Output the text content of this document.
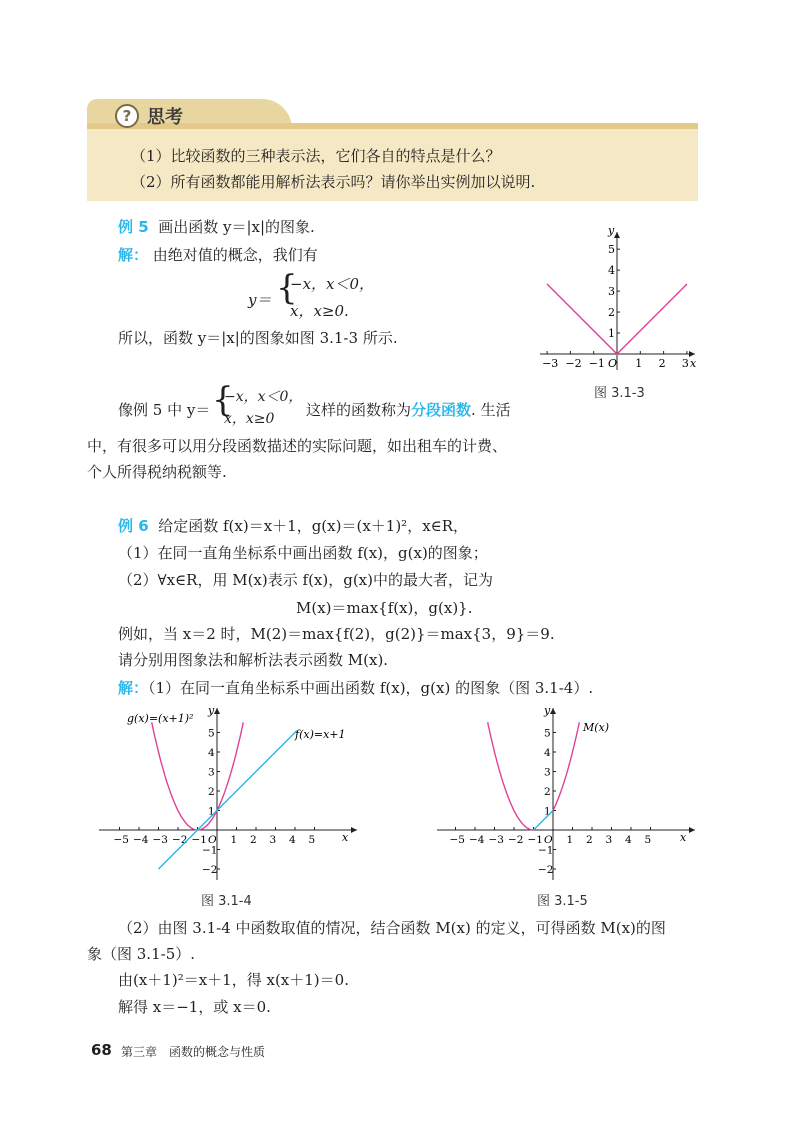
? 思考
（1）比较函数的三种表示法，它们各自的特点是什么？
（2）所有函数都能用解析法表示吗？请你举出实例加以说明.
例 5 画出函数 y＝|x|的图象.
解： 由绝对值的概念，我们有
y＝ {
−x，x＜0，
x，x≥0.
所以，函数 y＝|x|的图象如图 3.1-3 所示.
−3 −2 −1 O 1 2 3
1
2
3
4
5
x
y
图 3.1-3
像例 5 中 y＝ {
−x，x＜0，
x，x≥0 这样的函数称为分段函数. 生活
中，有很多可以用分段函数描述的实际问题，如出租车的计费、
个人所得税纳税额等.
例 6 给定函数 f(x)＝x＋1，g(x)＝(x＋1)²，x∈R，
（1）在同一直角坐标系中画出函数 f(x)，g(x)的图象；
（2）∀x∈R，用 M(x)表示 f(x)，g(x)中的最大者，记为
M(x)＝max{f(x)，g(x)}.
例如，当 x＝2 时，M(2)＝max{f(2)，g(2)}＝max{3，9}＝9.
请分别用图象法和解析法表示函数 M(x).
解：（1）在同一直角坐标系中画出函数 f(x)，g(x) 的图象（图 3.1-4）.
−5 −4 −3 −2 −1 O 1 2 3 4 5
−2
−1
1
2
3
4
5
x
y
g(x)=(x+1)²
f(x)=x+1
图 3.1-4
−5 −4 −3 −2 −1 O 1 2 3 4 5
−2
−1
1
2
3
4
5
x
y
M(x)
图 3.1-5
（2）由图 3.1-4 中函数取值的情况，结合函数 M(x) 的定义，可得函数 M(x)的图
象（图 3.1-5）.
由(x＋1)²＝x＋1，得 x(x＋1)＝0.
解得 x＝−1，或 x＝0.
68 第三章　函数的概念与性质
